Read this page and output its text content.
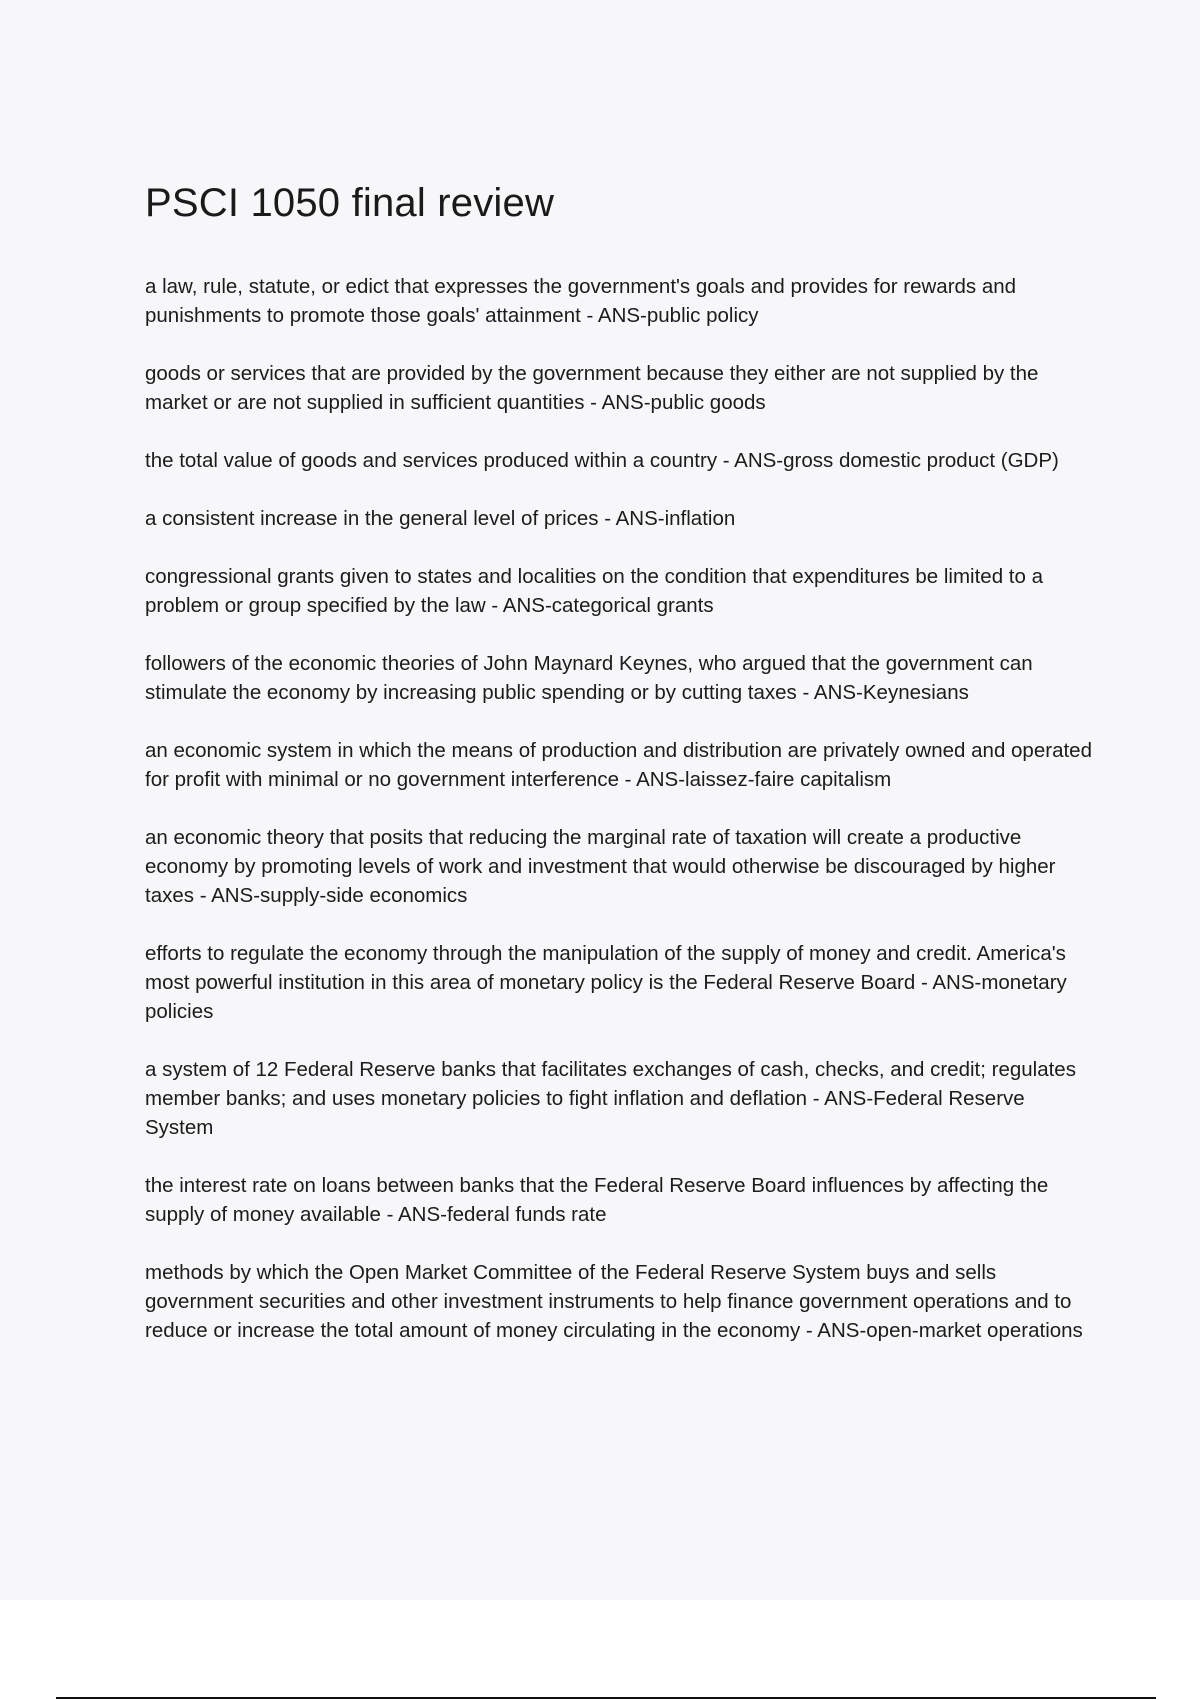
PSCI 1050 final review

a law, rule, statute, or edict that expresses the government's goals and provides for rewards and punishments to promote those goals' attainment - ANS-public policy

goods or services that are provided by the government because they either are not supplied by the market or are not supplied in sufficient quantities - ANS-public goods

the total value of goods and services produced within a country - ANS-gross domestic product (GDP)

a consistent increase in the general level of prices - ANS-inflation

congressional grants given to states and localities on the condition that expenditures be limited to a problem or group specified by the law - ANS-categorical grants

followers of the economic theories of John Maynard Keynes, who argued that the government can stimulate the economy by increasing public spending or by cutting taxes - ANS-Keynesians

an economic system in which the means of production and distribution are privately owned and operated for profit with minimal or no government interference - ANS-laissez-faire capitalism

an economic theory that posits that reducing the marginal rate of taxation will create a productive economy by promoting levels of work and investment that would otherwise be discouraged by higher taxes - ANS-supply-side economics

efforts to regulate the economy through the manipulation of the supply of money and credit. America's most powerful institution in this area of monetary policy is the Federal Reserve Board - ANS-monetary policies

a system of 12 Federal Reserve banks that facilitates exchanges of cash, checks, and credit; regulates member banks; and uses monetary policies to fight inflation and deflation - ANS-Federal Reserve System

the interest rate on loans between banks that the Federal Reserve Board influences by affecting the supply of money available - ANS-federal funds rate

methods by which the Open Market Committee of the Federal Reserve System buys and sells government securities and other investment instruments to help finance government operations and to reduce or increase the total amount of money circulating in the economy - ANS-open-market operations
